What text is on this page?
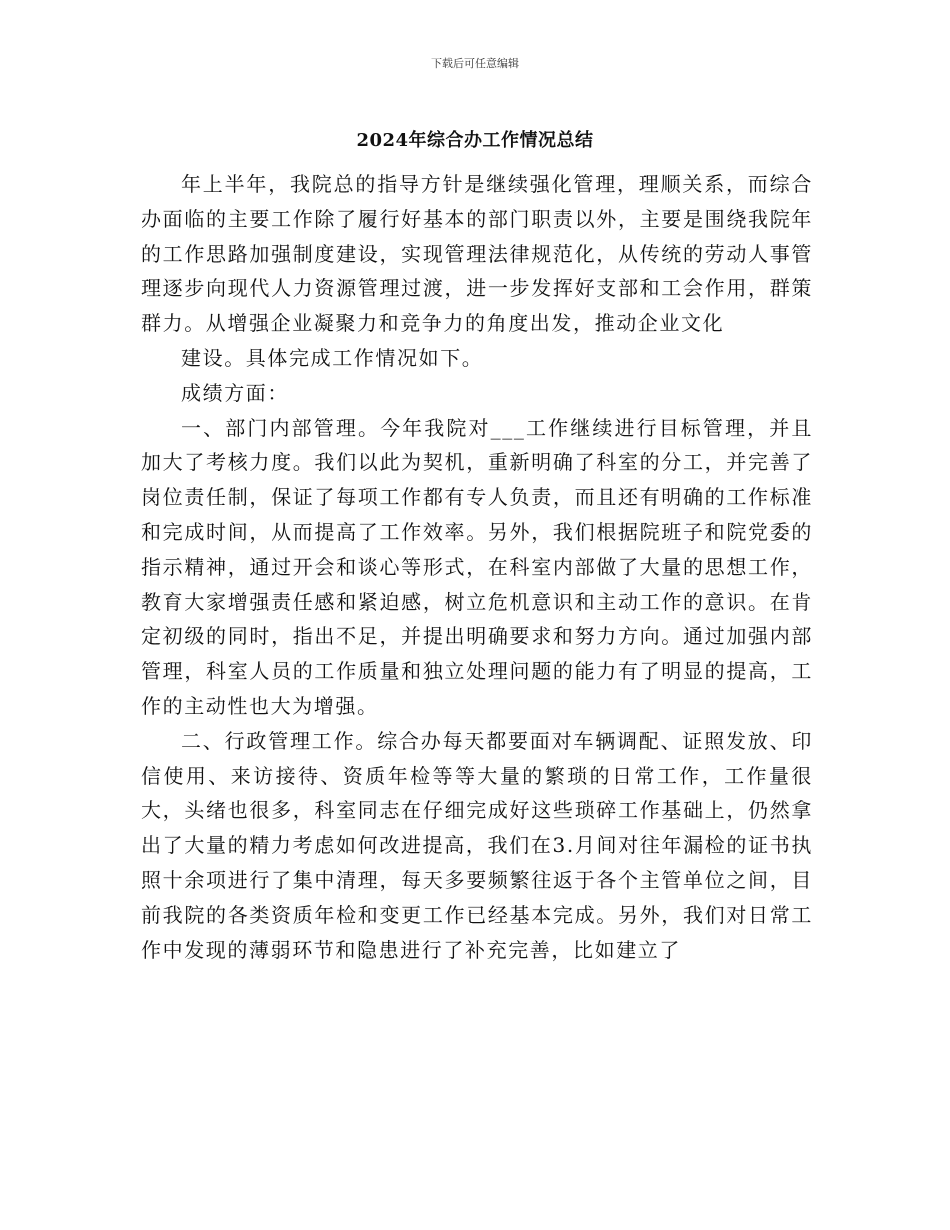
下载后可任意编辑
2024年综合办工作情况总结

年上半年，我院总的指导方针是继续强化管理，理顺关系，而综合办面临的主要工作除了履行好基本的部门职责以外，主要是围绕我院年的工作思路加强制度建设，实现管理法律规范化，从传统的劳动人事管理逐步向现代人力资源管理过渡，进一步发挥好支部和工会作用，群策群力。从增强企业凝聚力和竞争力的角度出发，推动企业文化

建设。具体完成工作情况如下。

成绩方面：

一、部门内部管理。今年我院对___工作继续进行目标管理，并且加大了考核力度。我们以此为契机，重新明确了科室的分工，并完善了岗位责任制，保证了每项工作都有专人负责，而且还有明确的工作标准和完成时间，从而提高了工作效率。另外，我们根据院班子和院党委的指示精神，通过开会和谈心等形式，在科室内部做了大量的思想工作，教育大家增强责任感和紧迫感，树立危机意识和主动工作的意识。在肯定初级的同时，指出不足，并提出明确要求和努力方向。通过加强内部管理，科室人员的工作质量和独立处理问题的能力有了明显的提高，工作的主动性也大为增强。

二、行政管理工作。综合办每天都要面对车辆调配、证照发放、印信使用、来访接待、资质年检等等大量的繁琐的日常工作，工作量很大，头绪也很多，科室同志在仔细完成好这些琐碎工作基础上，仍然拿出了大量的精力考虑如何改进提高，我们在3.月间对往年漏检的证书执照十余项进行了集中清理，每天多要频繁往返于各个主管单位之间，目前我院的各类资质年检和变更工作已经基本完成。另外，我们对日常工作中发现的薄弱环节和隐患进行了补充完善，比如建立了
